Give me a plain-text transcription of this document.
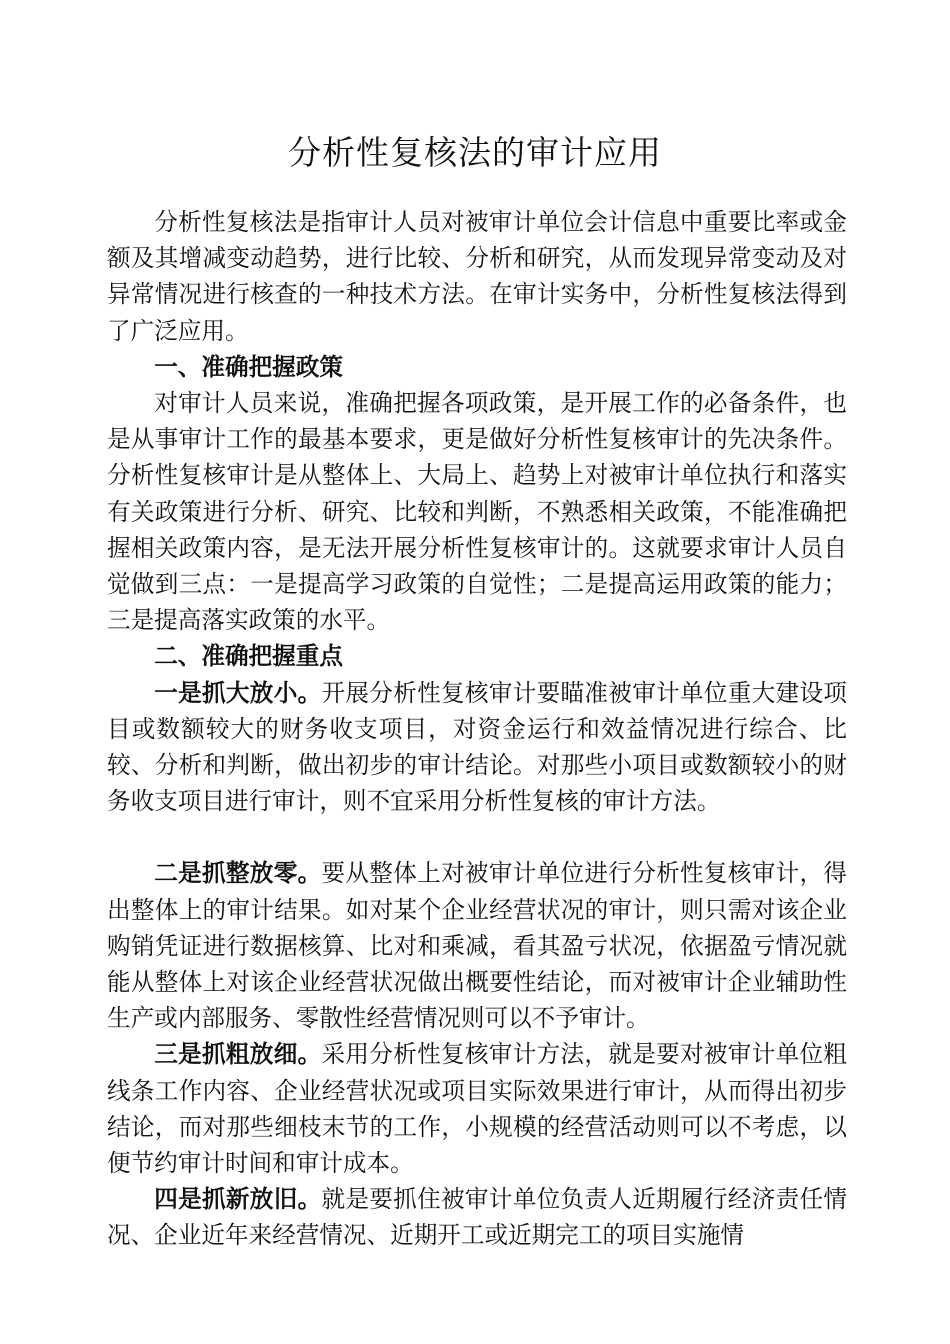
分析性复核法的审计应用

分析性复核法是指审计人员对被审计单位会计信息中重要比率或金额及其增减变动趋势，进行比较、分析和研究，从而发现异常变动及对异常情况进行核查的一种技术方法。在审计实务中，分析性复核法得到了广泛应用。

一、准确把握政策

对审计人员来说，准确把握各项政策，是开展工作的必备条件，也是从事审计工作的最基本要求，更是做好分析性复核审计的先决条件。分析性复核审计是从整体上、大局上、趋势上对被审计单位执行和落实有关政策进行分析、研究、比较和判断，不熟悉相关政策，不能准确把握相关政策内容，是无法开展分析性复核审计的。这就要求审计人员自觉做到三点：一是提高学习政策的自觉性；二是提高运用政策的能力；三是提高落实政策的水平。

二、准确把握重点

一是抓大放小。开展分析性复核审计要瞄准被审计单位重大建设项目或数额较大的财务收支项目，对资金运行和效益情况进行综合、比较、分析和判断，做出初步的审计结论。对那些小项目或数额较小的财务收支项目进行审计，则不宜采用分析性复核的审计方法。

二是抓整放零。要从整体上对被审计单位进行分析性复核审计，得出整体上的审计结果。如对某个企业经营状况的审计，则只需对该企业购销凭证进行数据核算、比对和乘减，看其盈亏状况，依据盈亏情况就能从整体上对该企业经营状况做出概要性结论，而对被审计企业辅助性生产或内部服务、零散性经营情况则可以不予审计。

三是抓粗放细。采用分析性复核审计方法，就是要对被审计单位粗线条工作内容、企业经营状况或项目实际效果进行审计，从而得出初步结论，而对那些细枝末节的工作，小规模的经营活动则可以不考虑，以便节约审计时间和审计成本。

四是抓新放旧。就是要抓住被审计单位负责人近期履行经济责任情况、企业近年来经营情况、近期开工或近期完工的项目实施情
